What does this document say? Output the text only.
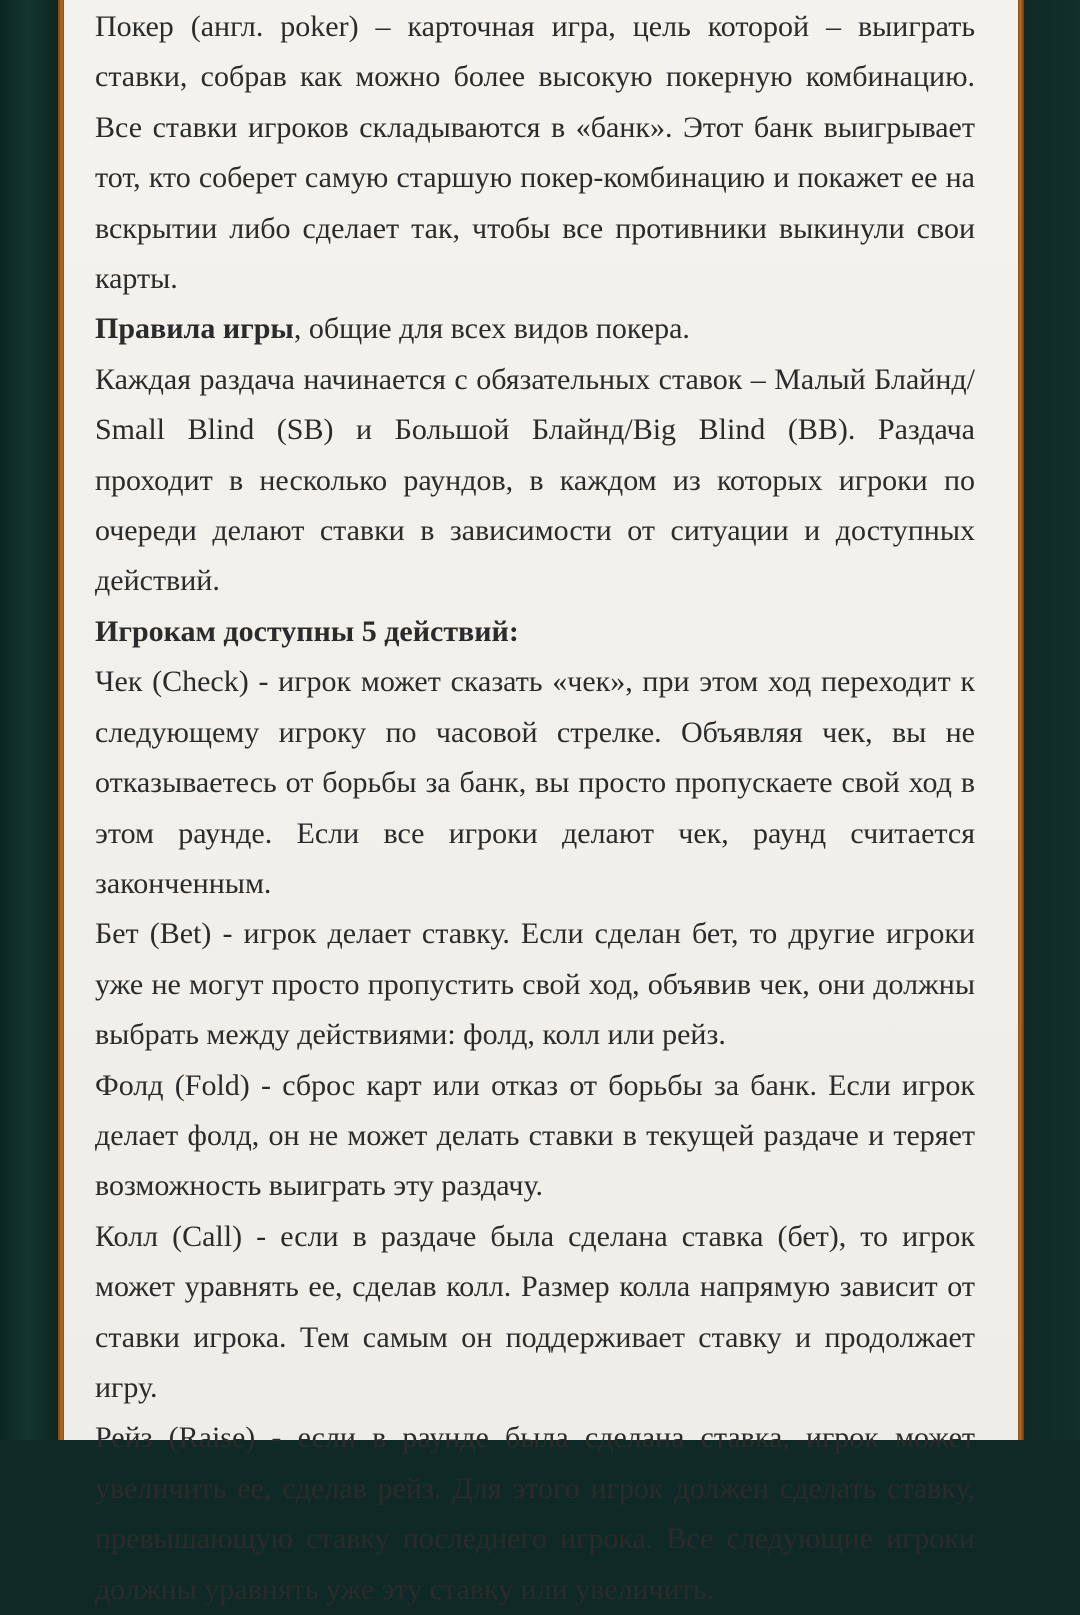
Покер (англ. poker) – карточная игра, цель которой – выиграть ставки, собрав как можно более высокую покерную комбинацию. Все ставки игроков складываются в «банк». Этот банк выигрывает тот, кто соберет самую старшую покер-комбинацию и покажет ее на вскрытии либо сделает так, чтобы все противники выкинули свои карты.

Правила игры, общие для всех видов покера.

Каждая раздача начинается с обязательных ставок – Малый Блайнд/ Small Blind (SB) и Большой Блайнд/Big Blind (BB). Раздача проходит в несколько раундов, в каждом из которых игроки по очереди делают ставки в зависимости от ситуации и доступных действий.

Игрокам доступны 5 действий:

Чек (Check) - игрок может сказать «чек», при этом ход переходит к следующему игроку по часовой стрелке. Объявляя чек, вы не отказываетесь от борьбы за банк, вы просто пропускаете свой ход в этом раунде. Если все игроки делают чек, раунд считается законченным.

Бет (Bet) - игрок делает ставку. Если сделан бет, то другие игроки уже не могут просто пропустить свой ход, объявив чек, они должны выбрать между действиями: фолд, колл или рейз.

Фолд (Fold) - сброс карт или отказ от борьбы за банк. Если игрок делает фолд, он не может делать ставки в текущей раздаче и теряет возможность выиграть эту раздачу.

Колл (Call) - если в раздаче была сделана ставка (бет), то игрок может уравнять ее, сделав колл. Размер колла напрямую зависит от ставки игрока. Тем самым он поддерживает ставку и продолжает игру.

Рейз (Raise) - если в раунде была сделана ставка, игрок может увеличить ее, сделав рейз. Для этого игрок должен сделать ставку, превышающую ставку последнего игрока. Все следующие игроки должны уравнять уже эту ставку или увеличить.
